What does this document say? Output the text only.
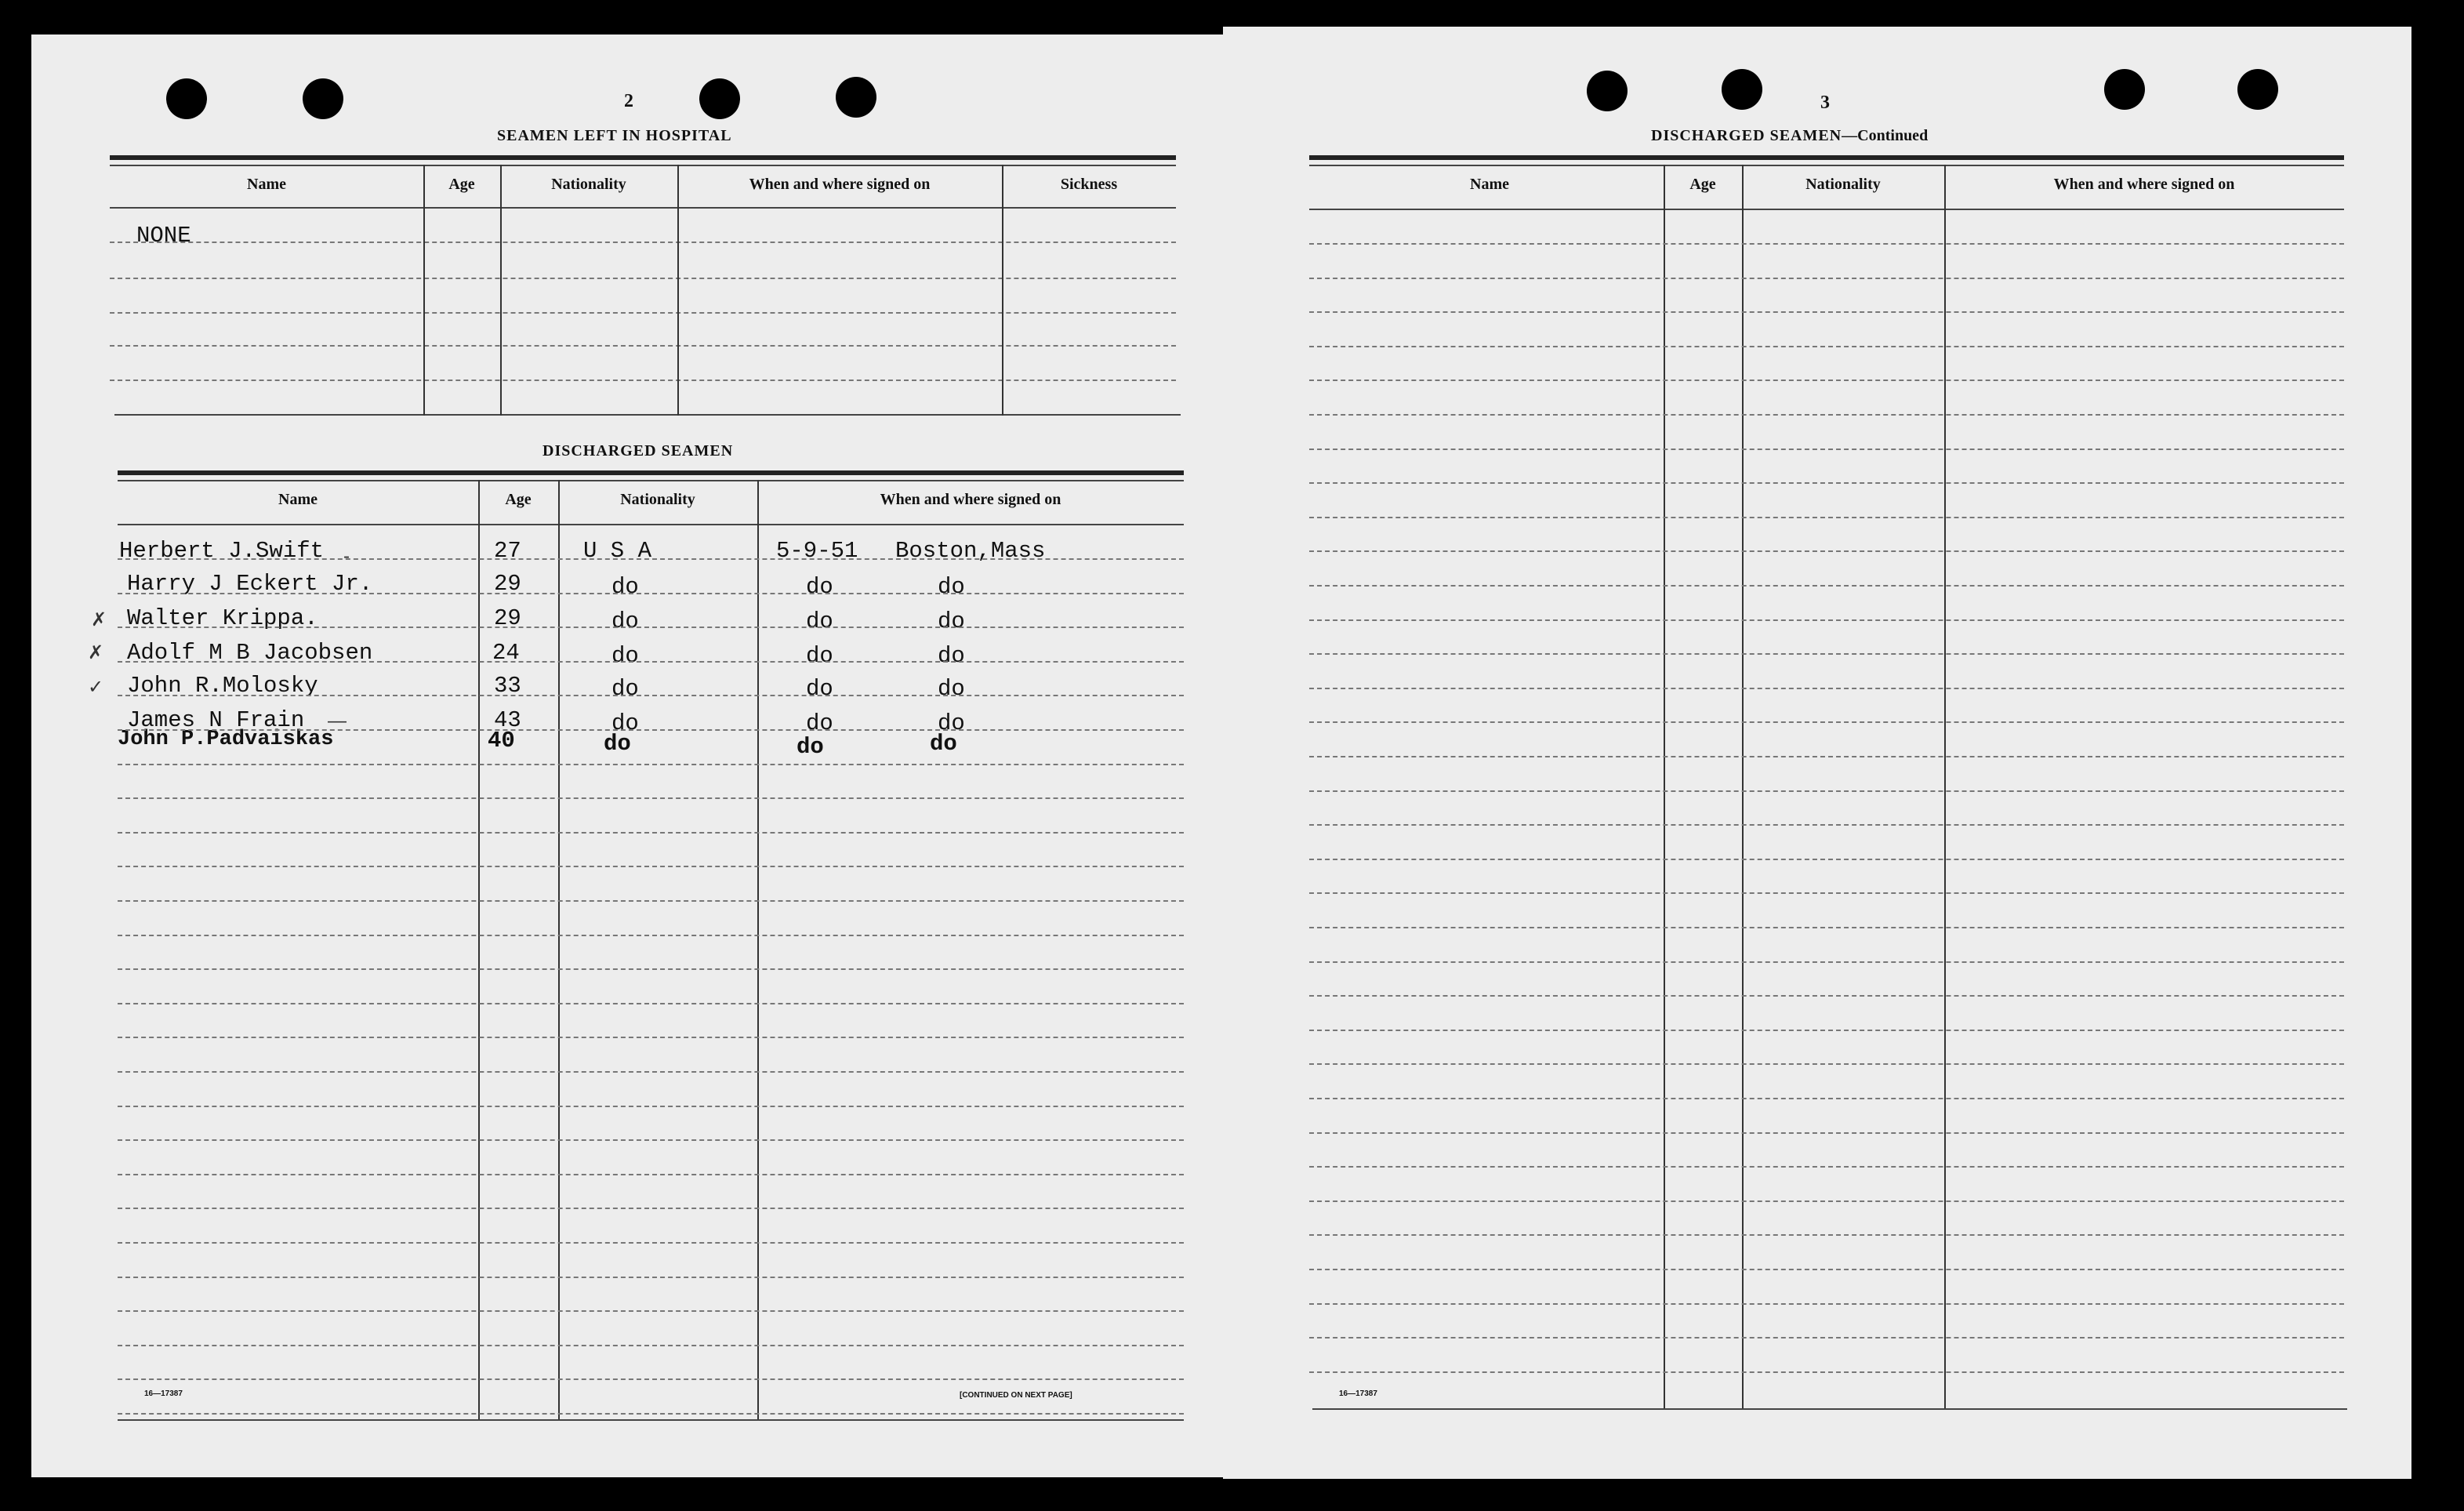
2
SEAMEN LEFT IN HOSPITAL
Name	Age	Nationality	When and where signed on	Sickness
NONE
DISCHARGED SEAMEN
Name	Age	Nationality	When and where signed on
-
Herbert J.Swift	27	U S A	5-9-51 Boston,Mass
Harry J Eckert Jr.	29	do	do	do
✗ Walter Krippa.	29	do	do	do
✗ Adolf M B Jacobsen	24	do	do	do
✓ John R.Molosky	33	do	do	do
James N Frain —	43	do	do	do
John P.Padvaiskas	40	do	do	do
16—17387	[CONTINUED ON NEXT PAGE]
3
DISCHARGED SEAMEN—Continued
Name	Age	Nationality	When and where signed on
16—17387
